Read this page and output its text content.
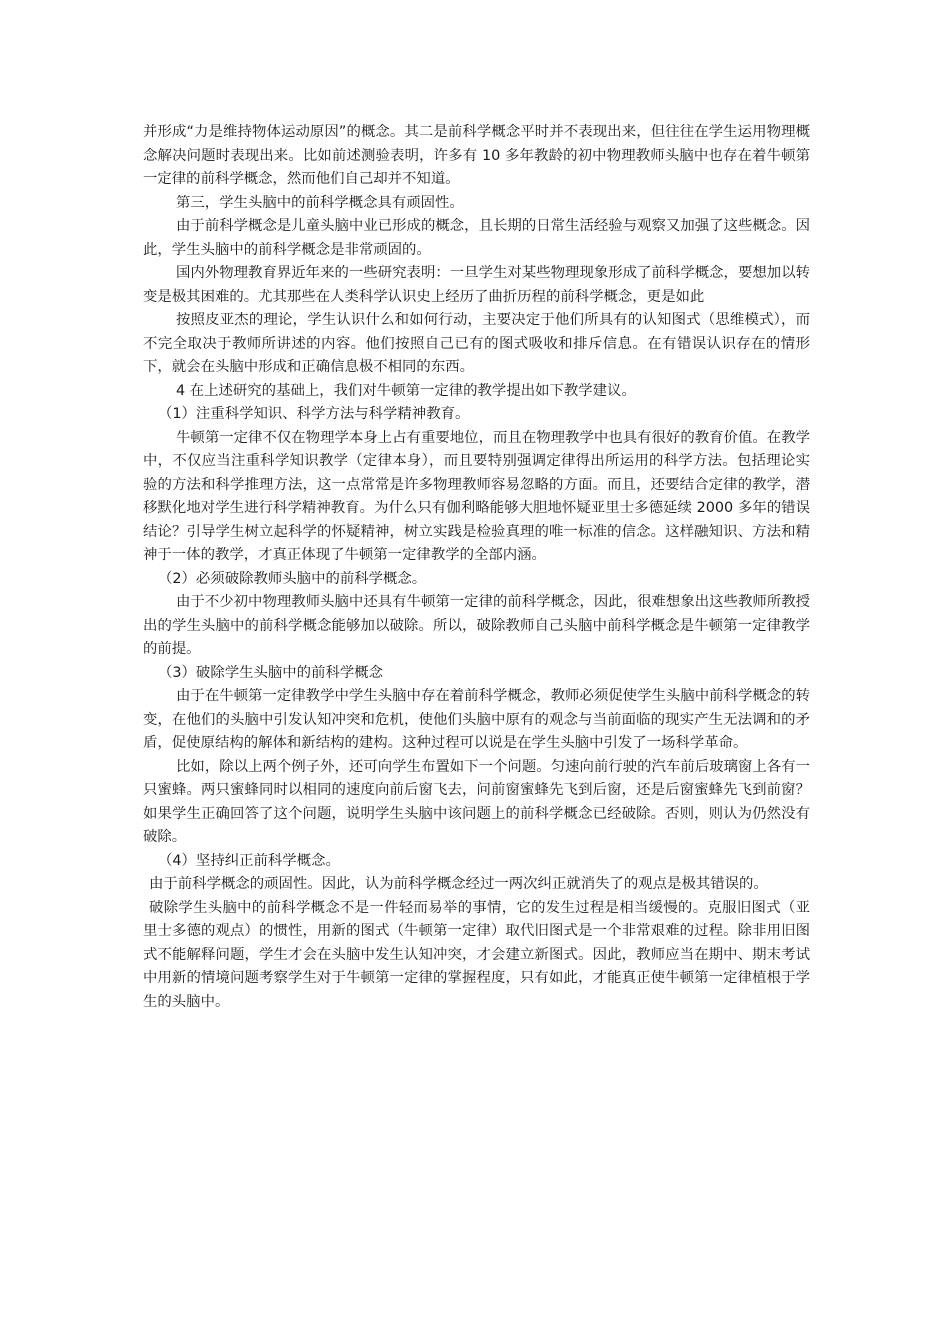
并形成“力是维持物体运动原因”的概念。其二是前科学概念平时并不表现出来，但往往在学生运用物理概念解决问题时表现出来。比如前述测验表明，许多有 10 多年教龄的初中物理教师头脑中也存在着牛顿第一定律的前科学概念，然而他们自己却并不知道。

第三，学生头脑中的前科学概念具有顽固性。

由于前科学概念是儿童头脑中业已形成的概念，且长期的日常生活经验与观察又加强了这些概念。因此，学生头脑中的前科学概念是非常顽固的。

国内外物理教育界近年来的一些研究表明：一旦学生对某些物理现象形成了前科学概念，要想加以转变是极其困难的。尤其那些在人类科学认识史上经历了曲折历程的前科学概念，更是如此

按照皮亚杰的理论，学生认识什么和如何行动，主要决定于他们所具有的认知图式（思维模式），而不完全取决于教师所讲述的内容。他们按照自己已有的图式吸收和排斥信息。在有错误认识存在的情形下，就会在头脑中形成和正确信息极不相同的东西。

4 在上述研究的基础上，我们对牛顿第一定律的教学提出如下教学建议。

（1）注重科学知识、科学方法与科学精神教育。

牛顿第一定律不仅在物理学本身上占有重要地位，而且在物理教学中也具有很好的教育价值。在教学中，不仅应当注重科学知识教学（定律本身），而且要特别强调定律得出所运用的科学方法。包括理论实验的方法和科学推理方法，这一点常常是许多物理教师容易忽略的方面。而且，还要结合定律的教学，潜移默化地对学生进行科学精神教育。为什么只有伽利略能够大胆地怀疑亚里士多德延续 2000 多年的错误结论？引导学生树立起科学的怀疑精神，树立实践是检验真理的唯一标准的信念。这样融知识、方法和精神于一体的教学，才真正体现了牛顿第一定律教学的全部内涵。

（2）必须破除教师头脑中的前科学概念。

由于不少初中物理教师头脑中还具有牛顿第一定律的前科学概念，因此，很难想象出这些教师所教授出的学生头脑中的前科学概念能够加以破除。所以，破除教师自己头脑中前科学概念是牛顿第一定律教学的前提。

（3）破除学生头脑中的前科学概念

由于在牛顿第一定律教学中学生头脑中存在着前科学概念，教师必须促使学生头脑中前科学概念的转变，在他们的头脑中引发认知冲突和危机，使他们头脑中原有的观念与当前面临的现实产生无法调和的矛盾，促使原结构的解体和新结构的建构。这种过程可以说是在学生头脑中引发了一场科学革命。

比如，除以上两个例子外，还可向学生布置如下一个问题。匀速向前行驶的汽车前后玻璃窗上各有一只蜜蜂。两只蜜蜂同时以相同的速度向前后窗飞去，问前窗蜜蜂先飞到后窗，还是后窗蜜蜂先飞到前窗？如果学生正确回答了这个问题，说明学生头脑中该问题上的前科学概念已经破除。否则，则认为仍然没有破除。

（4）坚持纠正前科学概念。

由于前科学概念的顽固性。因此，认为前科学概念经过一两次纠正就消失了的观点是极其错误的。

破除学生头脑中的前科学概念不是一件轻而易举的事情，它的发生过程是相当缓慢的。克服旧图式（亚里士多德的观点）的惯性，用新的图式（牛顿第一定律）取代旧图式是一个非常艰难的过程。除非用旧图式不能解释问题，学生才会在头脑中发生认知冲突，才会建立新图式。因此，教师应当在期中、期末考试中用新的情境问题考察学生对于牛顿第一定律的掌握程度，只有如此，才能真正使牛顿第一定律植根于学生的头脑中。
